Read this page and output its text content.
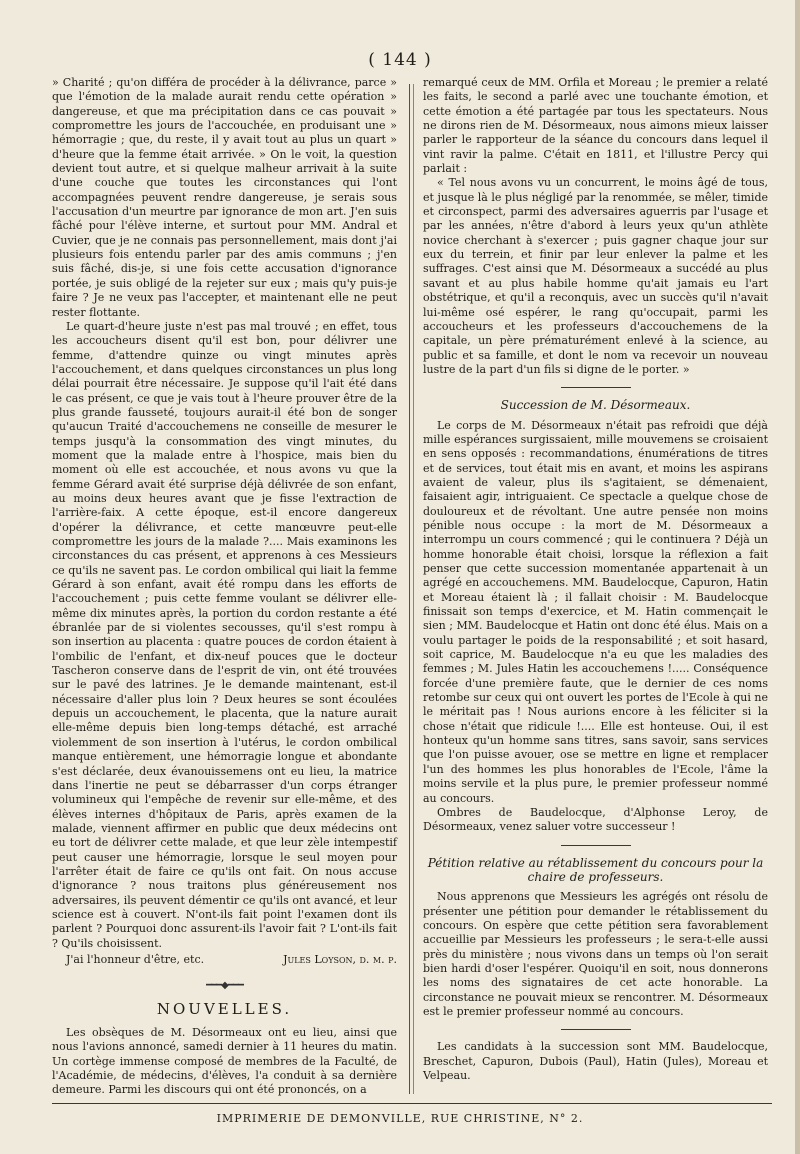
( 144 )

» Charité ; qu'on différa de procéder à la délivrance, parce » que l'émotion de la malade aurait rendu cette opération » dangereuse, et que ma précipitation dans ce cas pouvait » compromettre les jours de l'accouchée, en produisant une » hémorragie ; que, du reste, il y avait tout au plus un quart » d'heure que la femme était arrivée. » On le voit, la question devient tout autre, et si quelque malheur arrivait à la suite d'une couche que toutes les circonstances qui l'ont accompagnées peuvent rendre dangereuse, je serais sous l'accusation d'un meurtre par ignorance de mon art. J'en suis fâché pour l'élève interne, et surtout pour MM. Andral et Cuvier, que je ne connais pas personnellement, mais dont j'ai plusieurs fois entendu parler par des amis communs ; j'en suis fâché, dis-je, si une fois cette accusation d'ignorance portée, je suis obligé de la rejeter sur eux ; mais qu'y puis-je faire ? Je ne veux pas l'accepter, et maintenant elle ne peut rester flottante.

Le quart-d'heure juste n'est pas mal trouvé ; en effet, tous les accoucheurs disent qu'il est bon, pour délivrer une femme, d'attendre quinze ou vingt minutes après l'accouchement, et dans quelques circonstances un plus long délai pourrait être nécessaire. Je suppose qu'il l'ait été dans le cas présent, ce que je vais tout à l'heure prouver être de la plus grande fausseté, toujours aurait-il été bon de songer qu'aucun Traité d'accouchemens ne conseille de mesurer le temps jusqu'à la consommation des vingt minutes, du moment que la malade entre à l'hospice, mais bien du moment où elle est accouchée, et nous avons vu que la femme Gérard avait été surprise déjà délivrée de son enfant, au moins deux heures avant que je fisse l'extraction de l'arrière-faix. A cette époque, est-il encore dangereux d'opérer la délivrance, et cette manœuvre peut-elle compromettre les jours de la malade ?.... Mais examinons les circonstances du cas présent, et apprenons à ces Messieurs ce qu'ils ne savent pas. Le cordon ombilical qui liait la femme Gérard à son enfant, avait été rompu dans les efforts de l'accouchement ; puis cette femme voulant se délivrer elle-même dix minutes après, la portion du cordon restante a été ébranlée par de si violentes secousses, qu'il s'est rompu à son insertion au placenta : quatre pouces de cordon étaient à l'ombilic de l'enfant, et dix-neuf pouces que le docteur Tascheron conserve dans de l'esprit de vin, ont été trouvées sur le pavé des latrines. Je le demande maintenant, est-il nécessaire d'aller plus loin ? Deux heures se sont écoulées depuis un accouchement, le placenta, que la nature aurait elle-même depuis bien long-temps détaché, est arraché violemment de son insertion à l'utérus, le cordon ombilical manque entièrement, une hémorragie longue et abondante s'est déclarée, deux évanouissemens ont eu lieu, la matrice dans l'inertie ne peut se débarrasser d'un corps étranger volumineux qui l'empêche de revenir sur elle-même, et des élèves internes d'hôpitaux de Paris, après examen de la malade, viennent affirmer en public que deux médecins ont eu tort de délivrer cette malade, et que leur zèle intempestif peut causer une hémorragie, lorsque le seul moyen pour l'arrêter était de faire ce qu'ils ont fait. On nous accuse d'ignorance ? nous traitons plus généreusement nos adversaires, ils peuvent démentir ce qu'ils ont avancé, et leur science est à couvert. N'ont-ils fait point l'examen dont ils parlent ? Pourquoi donc assurent-ils l'avoir fait ? L'ont-ils fait ? Qu'ils choisissent.

J'ai l'honneur d'être, etc.	Jules Loyson, d. m. p.
━━━◆━━━
NOUVELLES.

Les obsèques de M. Désormeaux ont eu lieu, ainsi que nous l'avions annoncé, samedi dernier à 11 heures du matin. Un cortège immense composé de membres de la Faculté, de l'Académie, de médecins, d'élèves, l'a conduit à sa dernière demeure. Parmi les discours qui ont été prononcés, on a

remarqué ceux de MM. Orfila et Moreau ; le premier a relaté les faits, le second a parlé avec une touchante émotion, et cette émotion a été partagée par tous les spectateurs. Nous ne dirons rien de M. Désormeaux, nous aimons mieux laisser parler le rapporteur de la séance du concours dans lequel il vint ravir la palme. C'était en 1811, et l'illustre Percy qui parlait :

« Tel nous avons vu un concurrent, le moins âgé de tous, et jusque là le plus négligé par la renommée, se mêler, timide et circonspect, parmi des adversaires aguerris par l'usage et par les années, n'être d'abord à leurs yeux qu'un athlète novice cherchant à s'exercer ; puis gagner chaque jour sur eux du terrein, et finir par leur enlever la palme et les suffrages. C'est ainsi que M. Désormeaux a succédé au plus savant et au plus habile homme qu'ait jamais eu l'art obstétrique, et qu'il a reconquis, avec un succès qu'il n'avait lui-même osé espérer, le rang qu'occupait, parmi les accoucheurs et les professeurs d'accouchemens de la capitale, un père prématurément enlevé à la science, au public et sa famille, et dont le nom va recevoir un nouveau lustre de la part d'un fils si digne de le porter. »

Succession de M. Désormeaux.

Le corps de M. Désormeaux n'était pas refroidi que déjà mille espérances surgissaient, mille mouvemens se croisaient en sens opposés : recommandations, énumérations de titres et de services, tout était mis en avant, et moins les aspirans avaient de valeur, plus ils s'agitaient, se démenaient, faisaient agir, intriguaient. Ce spectacle a quelque chose de douloureux et de révoltant. Une autre pensée non moins pénible nous occupe : la mort de M. Désormeaux a interrompu un cours commencé ; qui le continuera ? Déjà un homme honorable était choisi, lorsque la réflexion a fait penser que cette succession momentanée appartenait à un agrégé en accouchemens. MM. Baudelocque, Capuron, Hatin et Moreau étaient là ; il fallait choisir : M. Baudelocque finissait son temps d'exercice, et M. Hatin commençait le sien ; MM. Baudelocque et Hatin ont donc été élus. Mais on a voulu partager le poids de la responsabilité ; et soit hasard, soit caprice, M. Baudelocque n'a eu que les maladies des femmes ; M. Jules Hatin les accouchemens !..... Conséquence forcée d'une première faute, que le dernier de ces noms retombe sur ceux qui ont ouvert les portes de l'Ecole à qui ne le méritait pas ! Nous aurions encore à les féliciter si la chose n'était que ridicule !.... Elle est honteuse. Oui, il est honteux qu'un homme sans titres, sans savoir, sans services que l'on puisse avouer, ose se mettre en ligne et remplacer l'un des hommes les plus honorables de l'Ecole, l'âme la moins servile et la plus pure, le premier professeur nommé au concours.

Ombres de Baudelocque, d'Alphonse Leroy, de Désormeaux, venez saluer votre successeur !

Pétition relative au rétablissement du concours pour la chaire de professeurs.

Nous apprenons que Messieurs les agrégés ont résolu de présenter une pétition pour demander le rétablissement du concours. On espère que cette pétition sera favorablement accueillie par Messieurs les professeurs ; le sera-t-elle aussi près du ministère ; nous vivons dans un temps où l'on serait bien hardi d'oser l'espérer. Quoiqu'il en soit, nous donnerons les noms des signataires de cet acte honorable. La circonstance ne pouvait mieux se rencontrer. M. Désormeaux est le premier professeur nommé au concours.

Les candidats à la succession sont MM. Baudelocque, Breschet, Capuron, Dubois (Paul), Hatin (Jules), Moreau et Velpeau.

IMPRIMERIE DE DEMONVILLE, RUE CHRISTINE, N° 2.
